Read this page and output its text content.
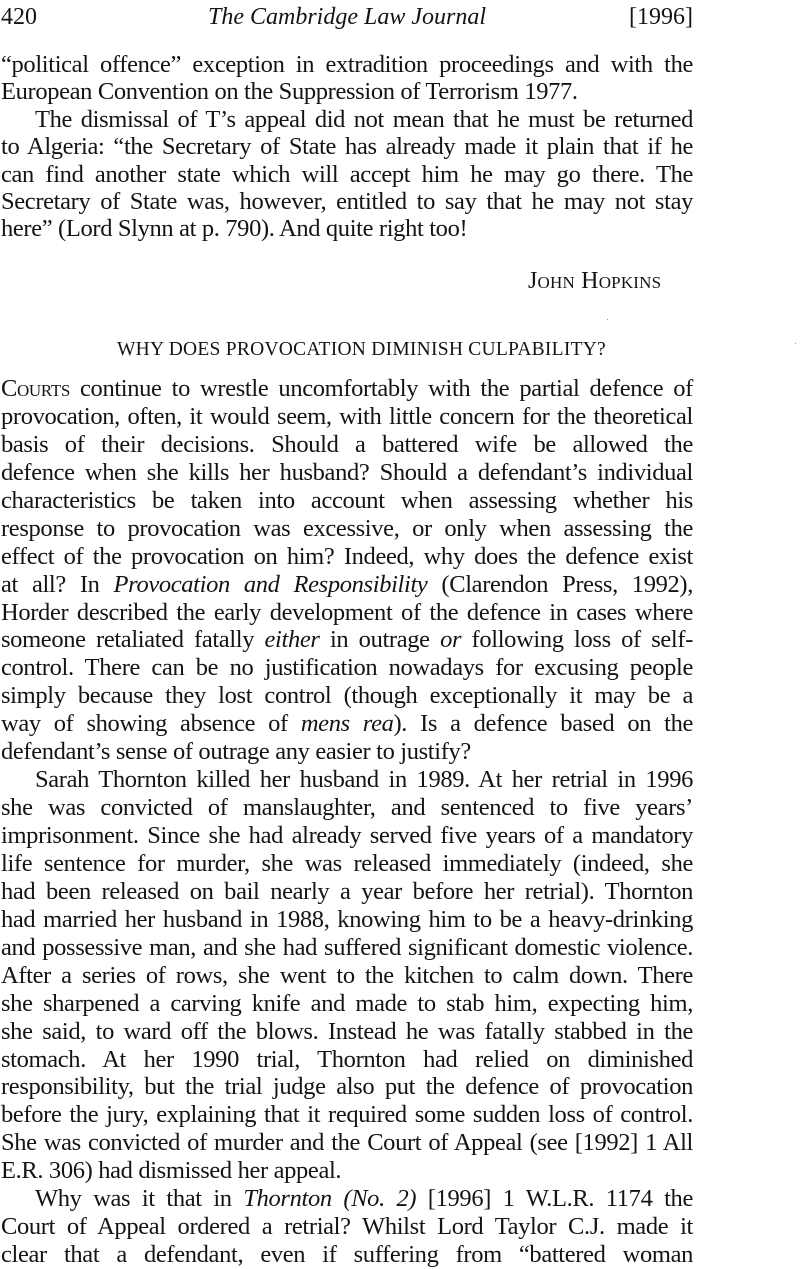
420	The Cambridge Law Journal	[1996]
“political offence” exception in extradition proceedings and with the
European Convention on the Suppression of Terrorism 1977.
The dismissal of T’s appeal did not mean that he must be returned
to Algeria: “the Secretary of State has already made it plain that if he
can find another state which will accept him he may go there. The
Secretary of State was, however, entitled to say that he may not stay
here” (Lord Slynn at p. 790). And quite right too!
John Hopkins
WHY DOES PROVOCATION DIMINISH CULPABILITY?
Courts continue to wrestle uncomfortably with the partial defence of
provocation, often, it would seem, with little concern for the theoretical
basis of their decisions. Should a battered wife be allowed the
defence when she kills her husband? Should a defendant’s individual
characteristics be taken into account when assessing whether his
response to provocation was excessive, or only when assessing the
effect of the provocation on him? Indeed, why does the defence exist
at all? In Provocation and Responsibility (Clarendon Press, 1992),
Horder described the early development of the defence in cases where
someone retaliated fatally either in outrage or following loss of self-
control. There can be no justification nowadays for excusing people
simply because they lost control (though exceptionally it may be a
way of showing absence of mens rea). Is a defence based on the
defendant’s sense of outrage any easier to justify?
Sarah Thornton killed her husband in 1989. At her retrial in 1996
she was convicted of manslaughter, and sentenced to five years’
imprisonment. Since she had already served five years of a mandatory
life sentence for murder, she was released immediately (indeed, she
had been released on bail nearly a year before her retrial). Thornton
had married her husband in 1988, knowing him to be a heavy-drinking
and possessive man, and she had suffered significant domestic violence.
After a series of rows, she went to the kitchen to calm down. There
she sharpened a carving knife and made to stab him, expecting him,
she said, to ward off the blows. Instead he was fatally stabbed in the
stomach. At her 1990 trial, Thornton had relied on diminished
responsibility, but the trial judge also put the defence of provocation
before the jury, explaining that it required some sudden loss of control.
She was convicted of murder and the Court of Appeal (see [1992] 1 All
E.R. 306) had dismissed her appeal.
Why was it that in Thornton (No. 2) [1996] 1 W.L.R. 1174 the
Court of Appeal ordered a retrial? Whilst Lord Taylor C.J. made it
clear that a defendant, even if suffering from “battered woman
